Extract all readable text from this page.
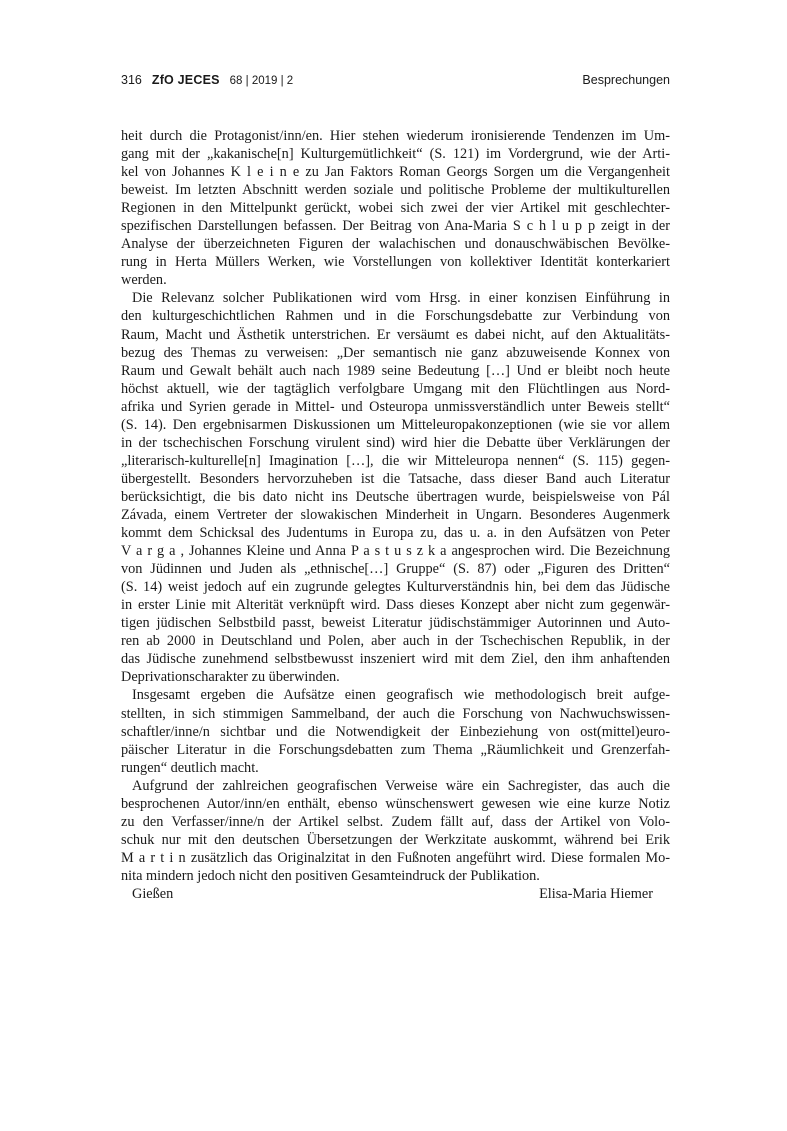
316 ZfO JECES 68 | 2019 | 2	Besprechungen
heit durch die Protagonist/inn/en. Hier stehen wiederum ironisierende Tendenzen im Um-
gang mit der „kakanische[n] Kulturgemütlichkeit“ (S. 121) im Vordergrund, wie der Arti-
kel von Johannes K l e i n e zu Jan Faktors Roman Georgs Sorgen um die Vergangenheit
beweist. Im letzten Abschnitt werden soziale und politische Probleme der multikulturellen
Regionen in den Mittelpunkt gerückt, wobei sich zwei der vier Artikel mit geschlechter-
spezifischen Darstellungen befassen. Der Beitrag von Ana-Maria S c h l u p p zeigt in der
Analyse der überzeichneten Figuren der walachischen und donauschwäbischen Bevölke-
rung in Herta Müllers Werken, wie Vorstellungen von kollektiver Identität konterkariert
werden.
Die Relevanz solcher Publikationen wird vom Hrsg. in einer konzisen Einführung in
den kulturgeschichtlichen Rahmen und in die Forschungsdebatte zur Verbindung von
Raum, Macht und Ästhetik unterstrichen. Er versäumt es dabei nicht, auf den Aktualitäts-
bezug des Themas zu verweisen: „Der semantisch nie ganz abzuweisende Konnex von
Raum und Gewalt behält auch nach 1989 seine Bedeutung […] Und er bleibt noch heute
höchst aktuell, wie der tagtäglich verfolgbare Umgang mit den Flüchtlingen aus Nord-
afrika und Syrien gerade in Mittel- und Osteuropa unmissverständlich unter Beweis stellt“
(S. 14). Den ergebnisarmen Diskussionen um Mitteleuropakonzeptionen (wie sie vor allem
in der tschechischen Forschung virulent sind) wird hier die Debatte über Verklärungen der
„literarisch-kulturelle[n] Imagination […], die wir Mitteleuropa nennen“ (S. 115) gegen-
übergestellt. Besonders hervorzuheben ist die Tatsache, dass dieser Band auch Literatur
berücksichtigt, die bis dato nicht ins Deutsche übertragen wurde, beispielsweise von Pál
Závada, einem Vertreter der slowakischen Minderheit in Ungarn. Besonderes Augenmerk
kommt dem Schicksal des Judentums in Europa zu, das u. a. in den Aufsätzen von Peter
V a r g a , Johannes Kleine und Anna P a s t u s z k a angesprochen wird. Die Bezeichnung
von Jüdinnen und Juden als „ethnische[…] Gruppe“ (S. 87) oder „Figuren des Dritten“
(S. 14) weist jedoch auf ein zugrunde gelegtes Kulturverständnis hin, bei dem das Jüdische
in erster Linie mit Alterität verknüpft wird. Dass dieses Konzept aber nicht zum gegenwär-
tigen jüdischen Selbstbild passt, beweist Literatur jüdischstämmiger Autorinnen und Auto-
ren ab 2000 in Deutschland und Polen, aber auch in der Tschechischen Republik, in der
das Jüdische zunehmend selbstbewusst inszeniert wird mit dem Ziel, den ihm anhaftenden
Deprivationscharakter zu überwinden.
Insgesamt ergeben die Aufsätze einen geografisch wie methodologisch breit aufge-
stellten, in sich stimmigen Sammelband, der auch die Forschung von Nachwuchswissen-
schaftler/inne/n sichtbar und die Notwendigkeit der Einbeziehung von ost(mittel)euro-
päischer Literatur in die Forschungsdebatten zum Thema „Räumlichkeit und Grenzerfah-
rungen“ deutlich macht.
Aufgrund der zahlreichen geografischen Verweise wäre ein Sachregister, das auch die
besprochenen Autor/inn/en enthält, ebenso wünschenswert gewesen wie eine kurze Notiz
zu den Verfasser/inne/n der Artikel selbst. Zudem fällt auf, dass der Artikel von Volo-
schuk nur mit den deutschen Übersetzungen der Werkzitate auskommt, während bei Erik
M a r t i n zusätzlich das Originalzitat in den Fußnoten angeführt wird. Diese formalen Mo-
nita mindern jedoch nicht den positiven Gesamteindruck der Publikation.
Gießen	Elisa-Maria Hiemer
